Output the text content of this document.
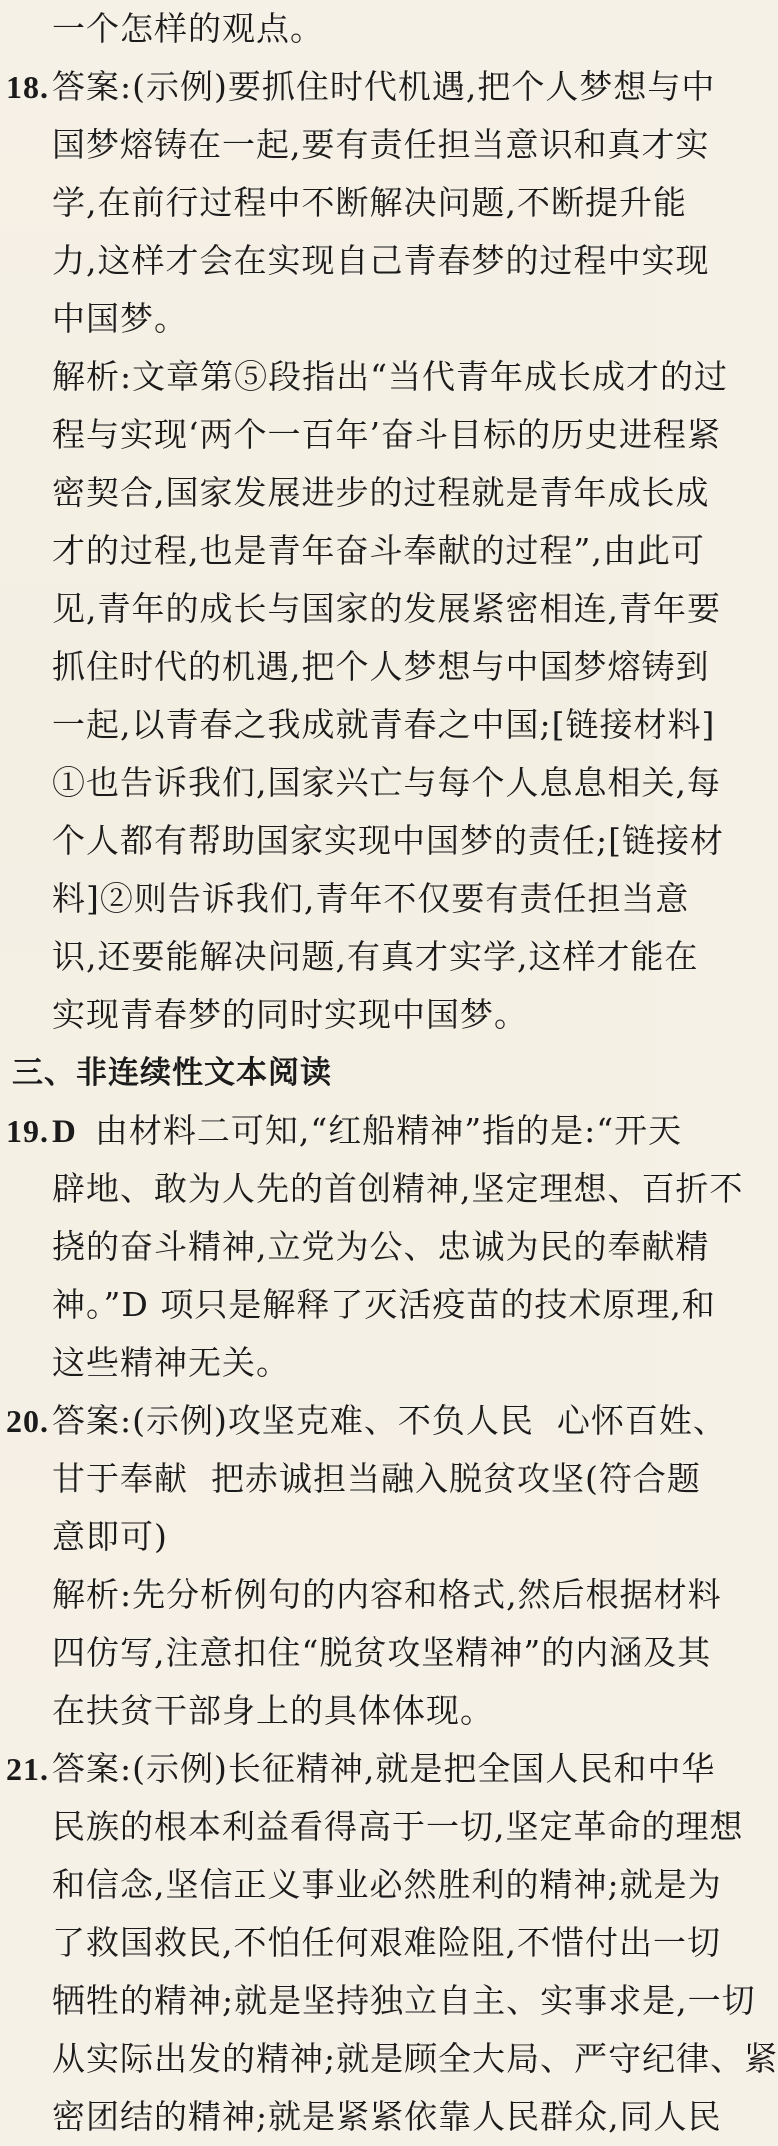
一个怎样的观点。
18.答案:(示例)要抓住时代机遇,把个人梦想与中
国梦熔铸在一起,要有责任担当意识和真才实
学,在前行过程中不断解决问题,不断提升能
力,这样才会在实现自己青春梦的过程中实现
中国梦。
解析:文章第⑤段指出“当代青年成长成才的过
程与实现‘两个一百年’奋斗目标的历史进程紧
密契合,国家发展进步的过程就是青年成长成
才的过程,也是青年奋斗奉献的过程”,由此可
见,青年的成长与国家的发展紧密相连,青年要
抓住时代的机遇,把个人梦想与中国梦熔铸到
一起,以青春之我成就青春之中国;[链接材料]
①也告诉我们,国家兴亡与每个人息息相关,每
个人都有帮助国家实现中国梦的责任;[链接材
料]②则告诉我们,青年不仅要有责任担当意
识,还要能解决问题,有真才实学,这样才能在
实现青春梦的同时实现中国梦。
三、非连续性文本阅读
19.D 由材料二可知,“红船精神”指的是:“开天
辟地、敢为人先的首创精神,坚定理想、百折不
挠的奋斗精神,立党为公、忠诚为民的奉献精
神。”D 项只是解释了灭活疫苗的技术原理,和
这些精神无关。
20.答案:(示例)攻坚克难、不负人民  心怀百姓、
甘于奉献  把赤诚担当融入脱贫攻坚(符合题
意即可)
解析:先分析例句的内容和格式,然后根据材料
四仿写,注意扣住“脱贫攻坚精神”的内涵及其
在扶贫干部身上的具体体现。
21.答案:(示例)长征精神,就是把全国人民和中华
民族的根本利益看得高于一切,坚定革命的理想
和信念,坚信正义事业必然胜利的精神;就是为
了救国救民,不怕任何艰难险阻,不惜付出一切
牺牲的精神;就是坚持独立自主、实事求是,一切
从实际出发的精神;就是顾全大局、严守纪律、紧
密团结的精神;就是紧紧依靠人民群众,同人民
